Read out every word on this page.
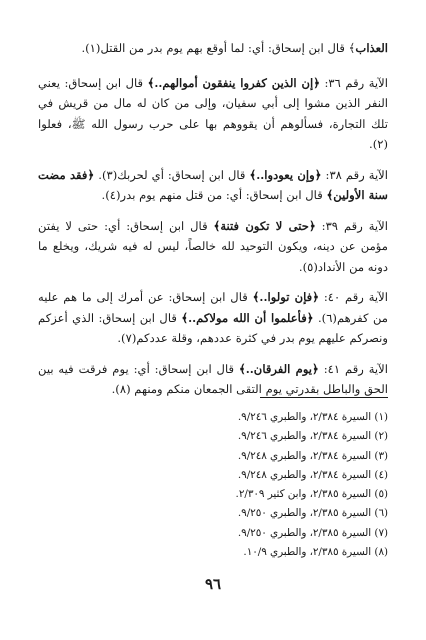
العذاب﴾ قال ابن إسحاق: أي: لما أوقع بهم يوم بدر من القتل(١).

الآية رقم ٣٦: ﴿إن الذين كفروا ينفقون أموالهم..﴾ قال ابن إسحاق: يعني النفر الذين مشوا إلى أبي سفيان، وإلى من كان له مال من قريش في تلك التجارة، فسألوهم أن يقووهم بها على حرب رسول الله ﷺ، فعلوا (٢).

الآية رقم ٣٨: ﴿وإن يعودوا..﴾ قال ابن إسحاق: أي لحربك(٣). ﴿فقد مضت سنة الأولين﴾ قال ابن إسحاق: أي: من قتل منهم يوم بدر(٤).

الآية رقم ٣٩: ﴿حتى لا تكون فتنة﴾ قال ابن إسحاق: أي: حتى لا يفتن مؤمن عن دينه، ويكون التوحيد لله خالصاً، ليس له فيه شريك، ويخلع ما دونه من الأنداد(٥).

الآية رقم ٤٠: ﴿فإن تولوا..﴾ قال ابن إسحاق: عن أمرك إلى ما هم عليه من كفرهم(٦). ﴿فأعلموا أن الله مولاكم..﴾ قال ابن إسحاق: الذي أعزكم ونصركم عليهم يوم بدر في كثرة عددهم، وقلة عددكم(٧).

الآية رقم ٤١: ﴿يوم الفرقان..﴾ قال ابن إسحاق: أي: يوم فرقت فيه بين الحق والباطل بقدرتي يوم التقى الجمعان منكم ومنهم (٨).

(١) السيرة ٢/٣٨٤، والطبري ٩/٢٤٦.
(٢) السيرة ٢/٣٨٤، والطبري ٩/٢٤٦.
(٣) السيرة ٢/٣٨٤، والطبري ٩/٢٤٨.
(٤) السيرة ٢/٣٨٤، والطبري ٩/٢٤٨.
(٥) السيرة ٢/٣٨٥، وابن كثير ٢/٣٠٩.
(٦) السيرة ٢/٣٨٥، والطبري ٩/٢٥٠.
(٧) السيرة ٢/٣٨٥، والطبري ٩/٢٥٠.
(٨) السيرة ٢/٣٨٥، والطبري ١٠/٩.
٩٦
